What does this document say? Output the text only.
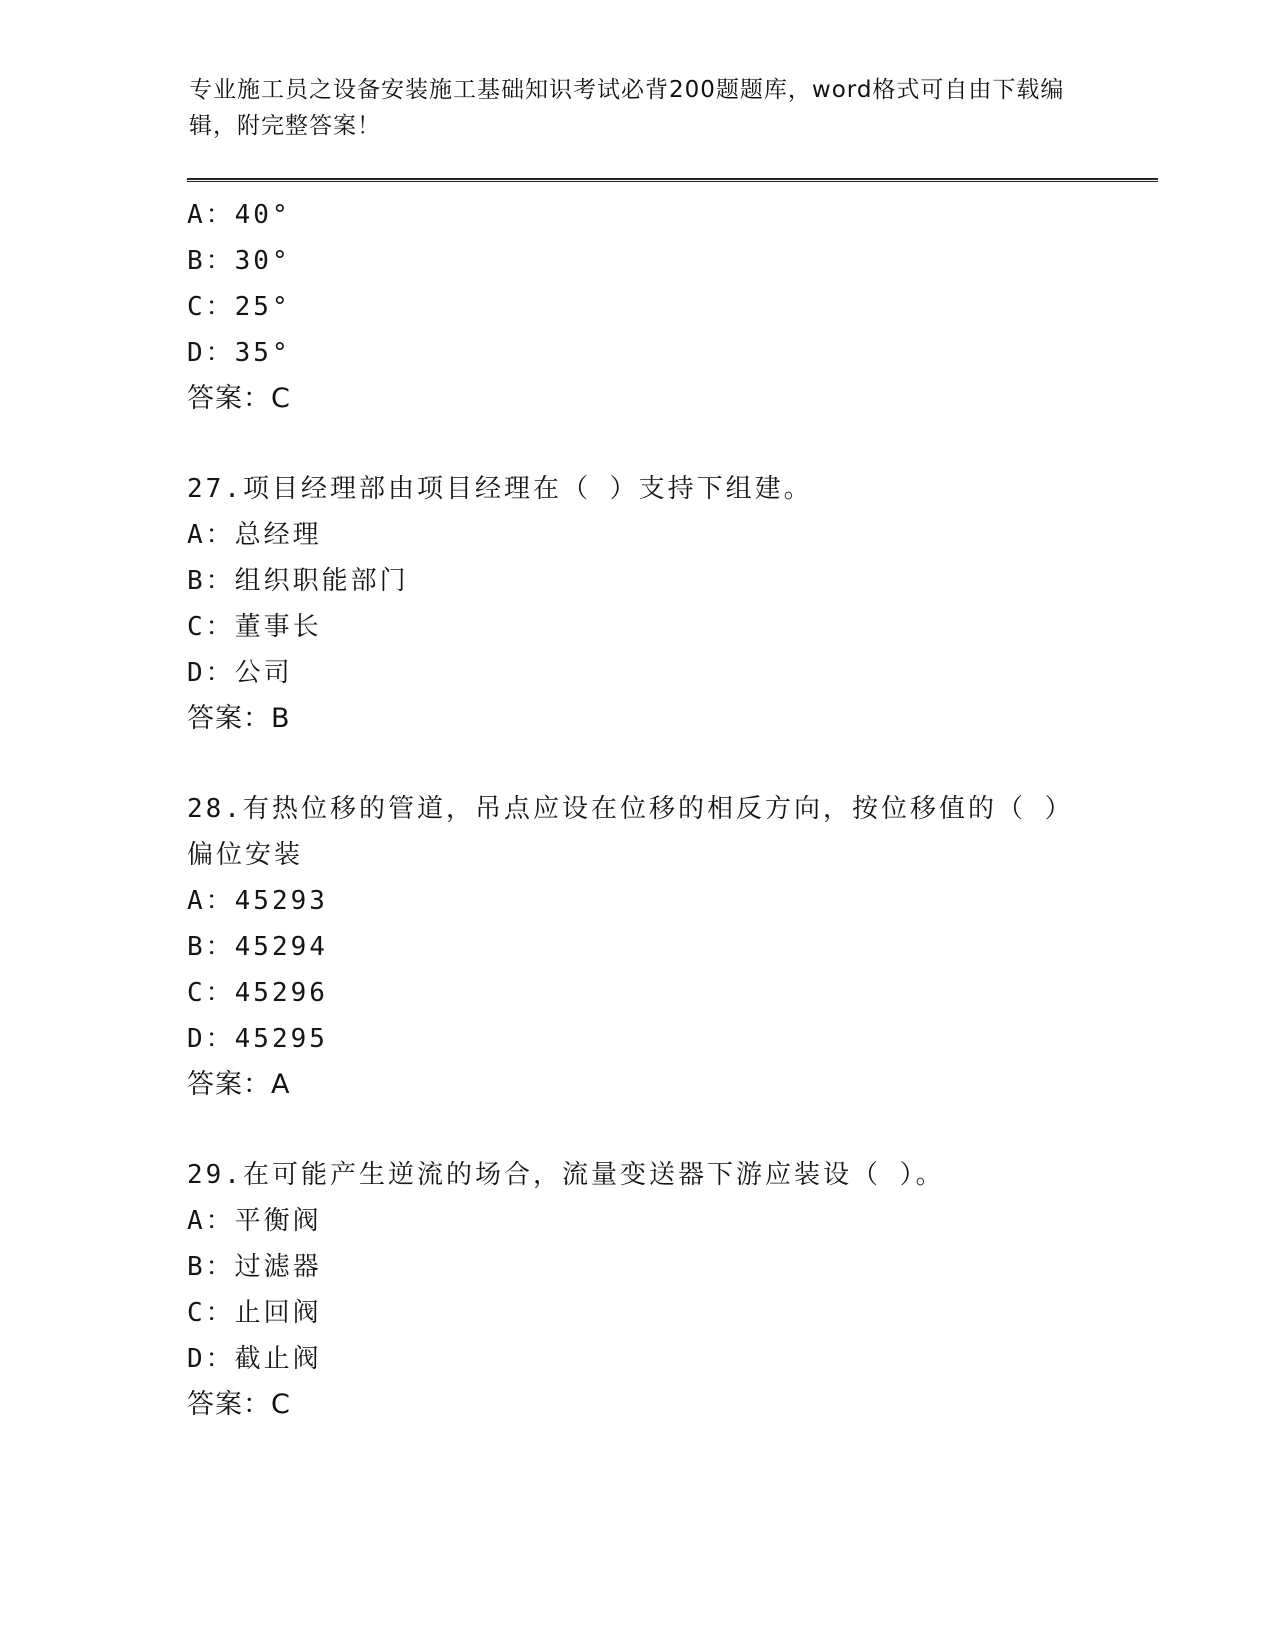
专业施工员之设备安装施工基础知识考试必背200题题库，word格式可自由下载编辑，附完整答案！
A：40°
B：30°
C：25°
D：35°
答案：C
27.项目经理部由项目经理在（ ）支持下组建。
A：总经理
B：组织职能部门
C：董事长
D：公司
答案：B
28.有热位移的管道，吊点应设在位移的相反方向，按位移值的（ ）
偏位安装
A：45293
B：45294
C：45296
D：45295
答案：A
29.在可能产生逆流的场合，流量变送器下游应装设（ ）。
A：平衡阀
B：过滤器
C：止回阀
D：截止阀
答案：C
